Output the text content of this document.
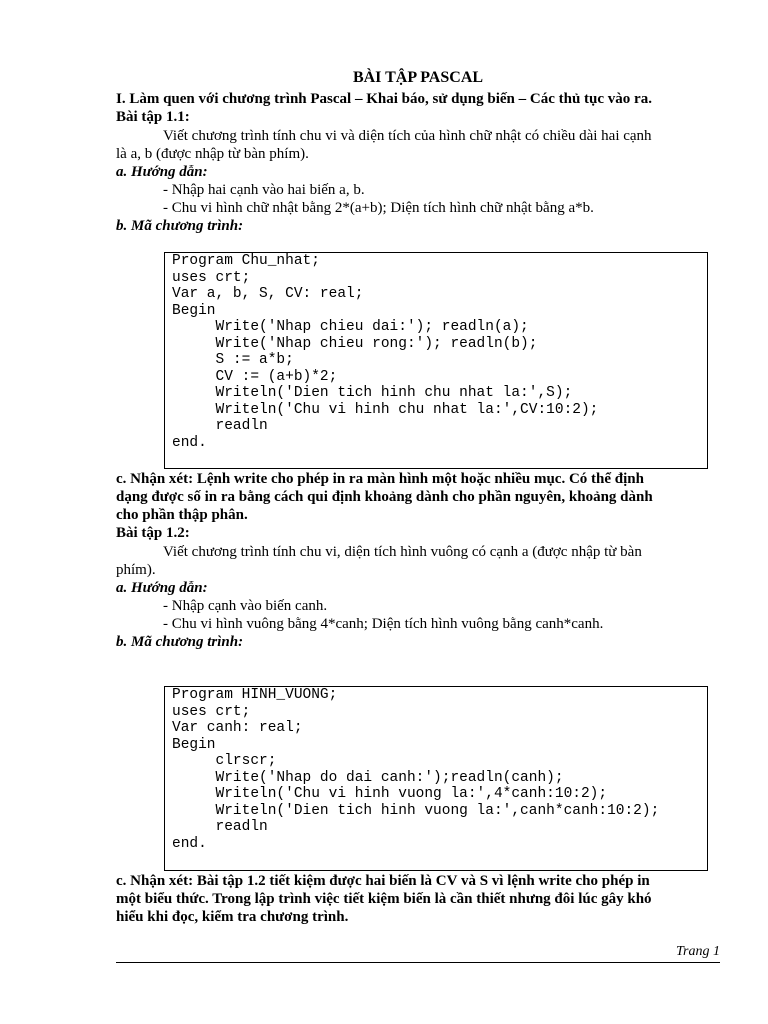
BÀI TẬP PASCAL
I. Làm quen với chương trình Pascal – Khai báo, sử dụng biến – Các thủ tục vào ra.
Bài tập 1.1:
Viết chương trình tính chu vi và diện tích của hình chữ nhật có chiều dài hai cạnh
là a, b (được nhập từ bàn phím).
a. Hướng dẫn:
- Nhập hai cạnh vào hai biến a, b.
- Chu vi hình chữ nhật bằng 2*(a+b); Diện tích hình chữ nhật bằng a*b.
b. Mã chương trình:
Program Chu_nhat;
uses crt;
Var a, b, S, CV: real;
Begin
Write('Nhap chieu dai:'); readln(a);
Write('Nhap chieu rong:'); readln(b);
S := a*b;
CV := (a+b)*2;
Writeln('Dien tich hinh chu nhat la:',S);
Writeln('Chu vi hinh chu nhat la:',CV:10:2);
readln
end.
c. Nhận xét: Lệnh write cho phép in ra màn hình một hoặc nhiều mục. Có thể định
dạng được số in ra bằng cách qui định khoảng dành cho phần nguyên, khoảng dành
cho phần thập phân.
Bài tập 1.2:
Viết chương trình tính chu vi, diện tích hình vuông có cạnh a (được nhập từ bàn
phím).
a. Hướng dẫn:
- Nhập cạnh vào biến canh.
- Chu vi hình vuông bằng 4*canh; Diện tích hình vuông bằng canh*canh.
b. Mã chương trình:
Program HINH_VUONG;
uses crt;
Var canh: real;
Begin
clrscr;
Write('Nhap do dai canh:');readln(canh);
Writeln('Chu vi hinh vuong la:',4*canh:10:2);
Writeln('Dien tich hinh vuong la:',canh*canh:10:2);
readln
end.
c. Nhận xét: Bài tập 1.2 tiết kiệm được hai biến là CV và S vì lệnh write cho phép in
một biểu thức. Trong lập trình việc tiết kiệm biến là cần thiết nhưng đôi lúc gây khó
hiểu khi đọc, kiểm tra chương trình.
Trang 1
